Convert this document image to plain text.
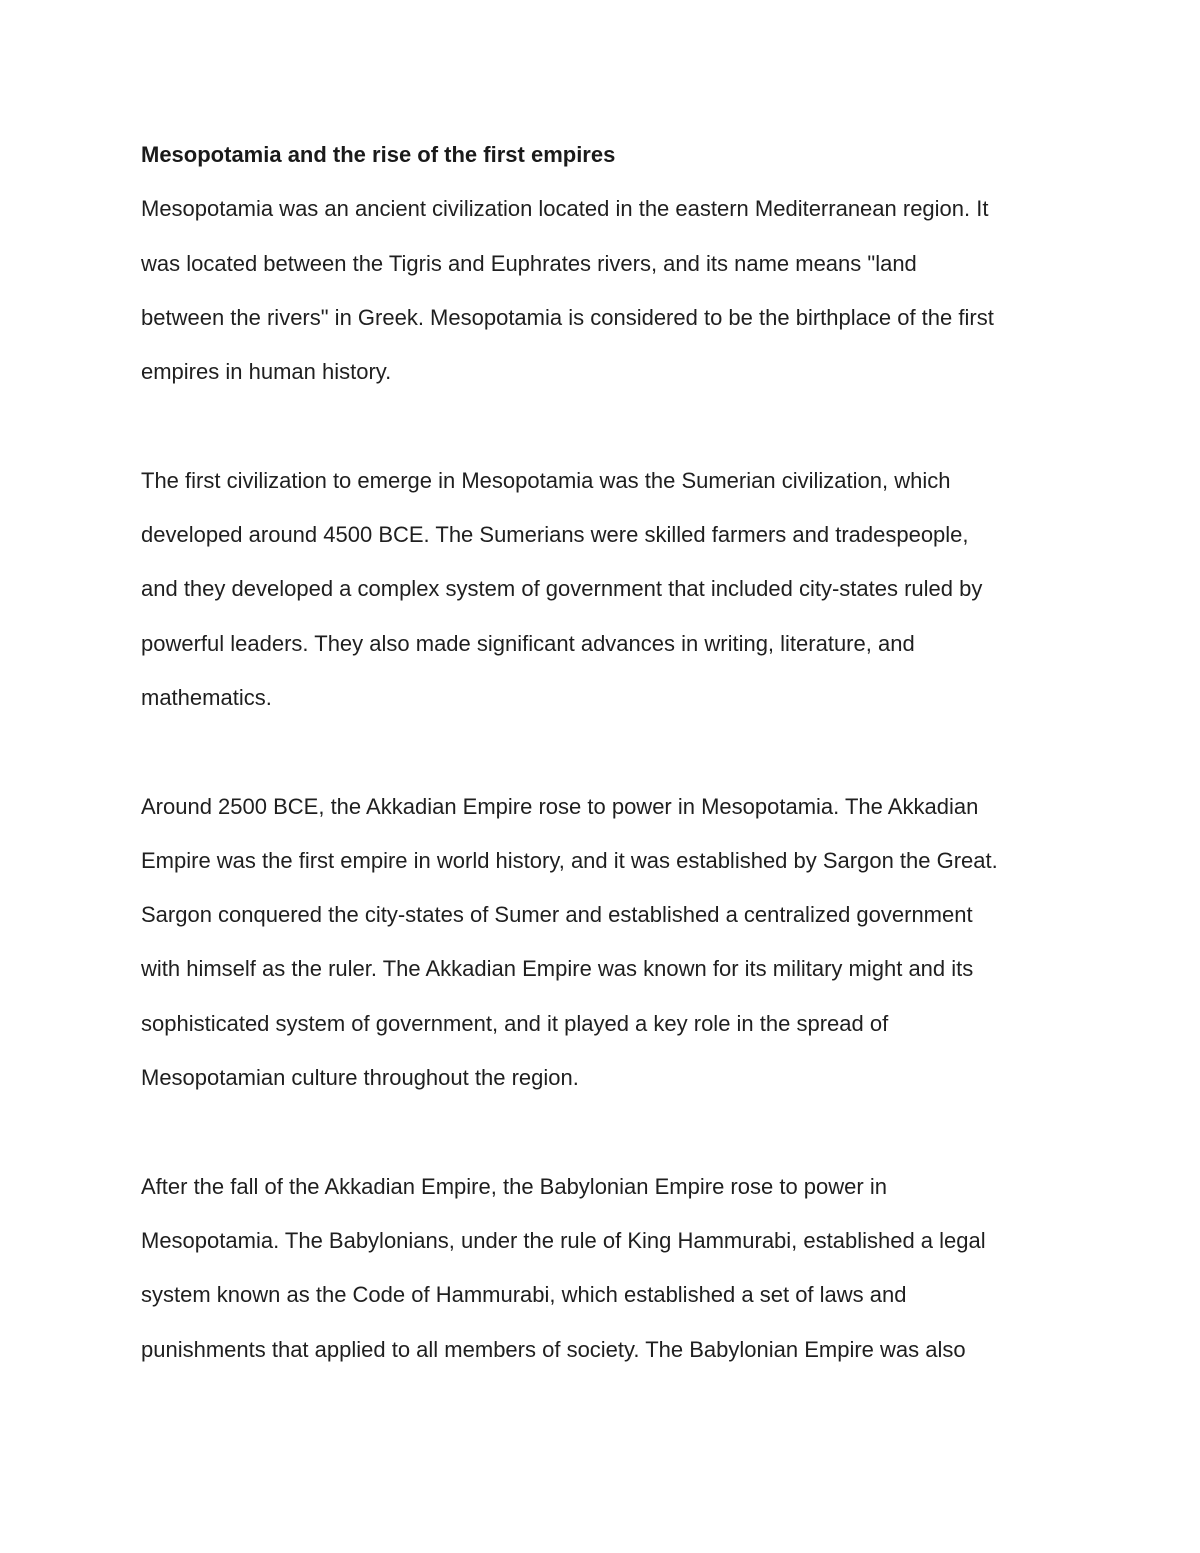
Mesopotamia and the rise of the first empires

Mesopotamia was an ancient civilization located in the eastern Mediterranean region. It
was located between the Tigris and Euphrates rivers, and its name means "land
between the rivers" in Greek. Mesopotamia is considered to be the birthplace of the first
empires in human history.

The first civilization to emerge in Mesopotamia was the Sumerian civilization, which
developed around 4500 BCE. The Sumerians were skilled farmers and tradespeople,
and they developed a complex system of government that included city-states ruled by
powerful leaders. They also made significant advances in writing, literature, and
mathematics.

Around 2500 BCE, the Akkadian Empire rose to power in Mesopotamia. The Akkadian
Empire was the first empire in world history, and it was established by Sargon the Great.
Sargon conquered the city-states of Sumer and established a centralized government
with himself as the ruler. The Akkadian Empire was known for its military might and its
sophisticated system of government, and it played a key role in the spread of
Mesopotamian culture throughout the region.

After the fall of the Akkadian Empire, the Babylonian Empire rose to power in
Mesopotamia. The Babylonians, under the rule of King Hammurabi, established a legal
system known as the Code of Hammurabi, which established a set of laws and
punishments that applied to all members of society. The Babylonian Empire was also
